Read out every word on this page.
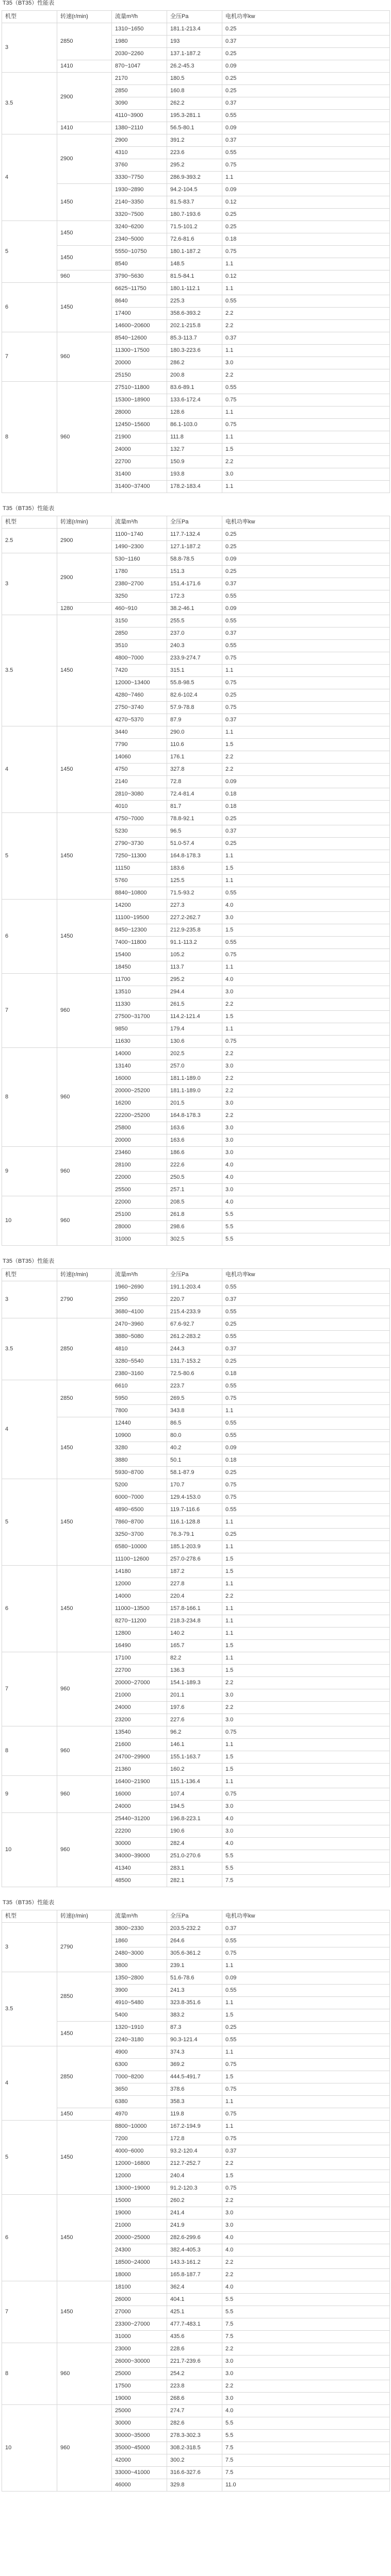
T35（BT35）性能表
机型	转速(r/min)	流量m³/h	全压Pa	电机功率kw
3	2850	1310~1650	181.1-213.4	0.25
		1980	193	0.37
		2030~2260	137.1-187.2	0.25
	1410	870~1047	26.2-45.3	0.09
3.5	2900	2170	180.5	0.25
		2850	160.8	0.25
		3090	262.2	0.37
		4110~3900	195.3-281.1	0.55
	1410	1380~2110	56.5-80.1	0.09
4	2900	2900	391.2	0.37
		4310	223.6	0.55
		3760	295.2	0.75
		3330~7750	286.9-393.2	1.1
	1450	1930~2890	94.2-104.5	0.09
		2140~3350	81.5-83.7	0.12
		3320~7500	180.7-193.6	0.25
5	1450	3240~6200	71.5-101.2	0.25
		2340~5000	72.6-81.6	0.18
	1450	5550~10750	180.1-187.2	0.75
		8540	148.5	1.1
	960	3790~5630	81.5-84.1	0.12
6	1450	6625~11750	180.1-112.1	1.1
		8640	225.3	0.55
		17400	358.6-393.2	2.2
		14600~20600	202.1-215.8	2.2
7	960	8540~12600	85.3-113.7	0.37
		11300~17500	180.3-223.6	1.1
		20000	286.2	3.0
		25150	200.8	2.2
8	960	27510~11800	83.6-89.1	0.55
		15300~18900	133.6-172.4	0.75
		28000	128.6	1.1
		12450~15600	86.1-103.0	0.75
		21900	111.8	1.1
		24000	132.7	1.5
		22700	150.9	2.2
		31400	193.8	3.0
		31400~37400	178.2-183.4	1.1
T35（BT35）性能表
机型	转速(r/min)	流量m³/h	全压Pa	电机功率kw
2.5	2900	1100~1740	117.7-132.4	0.25
		1490~2300	127.1-187.2	0.25
3	2900	530~1160	58.8-78.5	0.09
		1780	151.3	0.25
		2380~2700	151.4-171.6	0.37
		3250	172.3	0.55
	1280	460~910	38.2-46.1	0.09
3.5	1450	3150	255.5	0.55
		2850	237.0	0.37
		3510	240.3	0.55
		4800~7000	233.9-274.7	0.75
		7420	315.1	1.1
		12000~13400	55.8-98.5	0.75
		4280~7460	82.6-102.4	0.25
		2750~3740	57.9-78.8	0.75
		4270~5370	87.9	0.37
4	1450	3440	290.0	1.1
		7790	110.6	1.5
		14060	176.1	2.2
		4750	327.8	2.2
		2140	72.8	0.09
		2810~3080	72.4-81.4	0.18
		4010	81.7	0.18
5	1450	4750~7000	78.8-92.1	0.25
		5230	96.5	0.37
		2790~3730	51.0-57.4	0.25
		7250~11300	164.8-178.3	1.1
		11150	183.6	1.5
		5760	125.5	1.1
		8840~10800	71.5-93.2	0.55
6	1450	14200	227.3	4.0
		11100~19500	227.2-262.7	3.0
		8450~12300	212.9-235.8	1.5
		7400~11800	91.1-113.2	0.55
		15400	105.2	0.75
		18450	113.7	1.1
7	960	11700	295.2	4.0
		13510	294.4	3.0
		11330	261.5	2.2
		27500~31700	114.2-121.4	1.5
		9850	179.4	1.1
		11630	130.6	0.75
8	960	14000	202.5	2.2
		13140	257.0	3.0
		16000	181.1-189.0	2.2
		20000~25200	181.1-189.0	2.2
		16200	201.5	3.0
		22200~25200	164.8-178.3	2.2
		25800	163.6	3.0
		20000	163.6	3.0
9	960	23460	186.6	3.0
		28100	222.6	4.0
		22000	250.5	4.0
		25500	257.1	3.0
10	960	22000	208.5	4.0
		25100	261.8	5.5
		28000	298.6	5.5
		31000	302.5	5.5
T35（BT35）性能表
机型	转速(r/min)	流量m³/h	全压Pa	电机功率kw
3	2790	1960~2690	191.1-203.4	0.55
		2950	220.7	0.37
		3680~4100	215.4-233.9	0.55
3.5	2850	2470~3960	67.6-92.7	0.25
		3880~5080	261.2-283.2	0.55
		4810	244.3	0.37
		3280~5540	131.7-153.2	0.25
		2380~3160	72.5-80.6	0.18
4	2850	6610	223.7	0.55
		5950	269.5	0.75
		7800	343.8	1.1
	1450	12440	86.5	0.55
		10900	80.0	0.55
		3280	40.2	0.09
		3880	50.1	0.18
		5930~8700	58.1-87.9	0.25
5	1450	5200	170.7	0.75
		6000~7000	129.4-153.0	0.75
		4890~6500	119.7-116.6	0.55
		7860~8700	116.1-128.8	1.1
		3250~3700	76.3-79.1	0.25
		6580~10000	185.1-203.9	1.1
		11100~12600	257.0-278.6	1.5
6	1450	14180	187.2	1.5
		12000	227.8	1.1
		14000	220.4	2.2
		11000~13500	157.8-166.1	1.1
		8270~11200	218.3-234.8	1.1
		12800	140.2	1.1
		16490	165.7	1.5
7	960	17100	82.2	1.1
		22700	136.3	1.5
		20000~27000	154.1-189.3	2.2
		21000	201.1	3.0
		24000	197.6	2.2
		23200	227.6	3.0
8	960	13540	96.2	0.75
		21600	146.1	1.1
		24700~29900	155.1-163.7	1.5
		21360	160.2	1.5
9	960	16400~21900	115.1-136.4	1.1
		16000	107.4	0.75
		24000	194.5	3.0
10	960	25440~31200	196.8-223.1	4.0
		22200	190.6	3.0
		30000	282.4	4.0
		34000~39000	251.0-270.6	5.5
		41340	283.1	5.5
		48500	282.1	7.5
T35（BT35）性能表
机型	转速(r/min)	流量m³/h	全压Pa	电机功率kw
3	2790	3800~2330	203.5-232.2	0.37
		1860	264.6	0.55
		2480~3000	305.6-361.2	0.75
		3800	239.1	1.1
3.5	2850	1350~2800	51.6-78.6	0.09
		3900	241.3	0.55
		4910~5480	323.8-351.6	1.1
		5400	383.2	1.5
	1450	1320~1910	87.3	0.25
		2240~3180	90.3-121.4	0.55
4	2850	4900	374.3	1.1
		6300	369.2	0.75
		7000~8200	444.5-491.7	1.5
		3650	378.6	0.75
		6380	358.3	1.1
	1450	4970	119.8	0.75
5	1450	8800~10000	167.2-194.9	1.1
		7200	172.8	0.75
		4000~6000	93.2-120.4	0.37
		12000~16800	212.7-252.7	2.2
		12000	240.4	1.5
		13000~19000	91.2-120.3	0.75
6	1450	15000	260.2	2.2
		19000	241.4	3.0
		21000	241.9	3.0
		20000~25000	282.6-299.6	4.0
		24300	382.4-405.3	4.0
		18500~24000	143.3-161.2	2.2
		18000	165.8-187.7	2.2
7	1450	18100	362.4	4.0
		26000	404.1	5.5
		27000	425.1	5.5
		23300~27000	477.7-483.1	7.5
		31000	435.6	7.5
8	960	23000	228.6	2.2
		26000~30000	221.7-239.6	3.0
		25000	254.2	3.0
		17500	223.8	2.2
		19000	268.6	3.0
10	960	25000	274.7	4.0
		30000	282.6	5.5
		30000~35000	278.3-302.3	5.5
		35000~45000	308.2-318.5	7.5
		42000	300.2	7.5
		33000~41000	316.6-327.6	7.5
		46000	329.8	11.0
